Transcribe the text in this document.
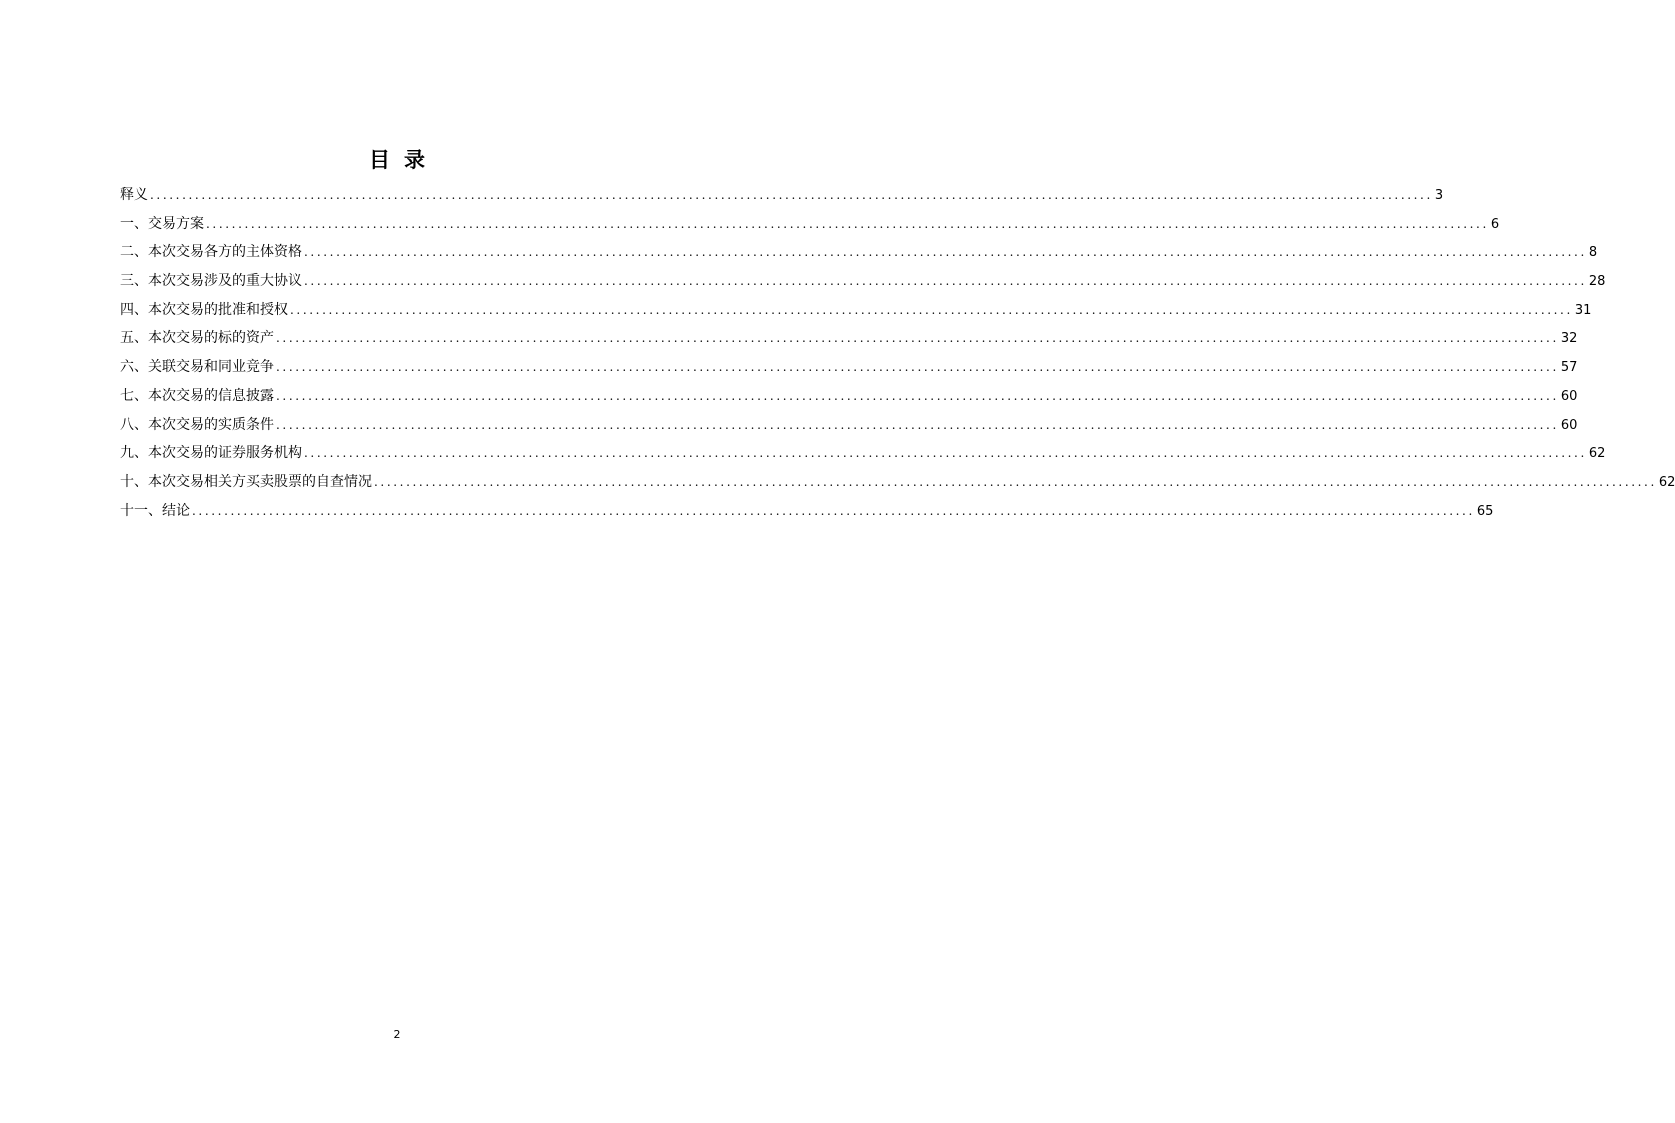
目录
释义 ........................................................................................................................................................................................................ 3
一、交易方案 ........................................................................................................................................................................................................ 6
二、本次交易各方的主体资格 ........................................................................................................................................................................................................ 8
三、本次交易涉及的重大协议 ........................................................................................................................................................................................................ 28
四、本次交易的批准和授权 ........................................................................................................................................................................................................ 31
五、本次交易的标的资产 ........................................................................................................................................................................................................ 32
六、关联交易和同业竞争 ........................................................................................................................................................................................................ 57
七、本次交易的信息披露 ........................................................................................................................................................................................................ 60
八、本次交易的实质条件 ........................................................................................................................................................................................................ 60
九、本次交易的证券服务机构 ........................................................................................................................................................................................................ 62
十、本次交易相关方买卖股票的自查情况 ........................................................................................................................................................................................................ 62
十一、结论 ........................................................................................................................................................................................................ 65
2
